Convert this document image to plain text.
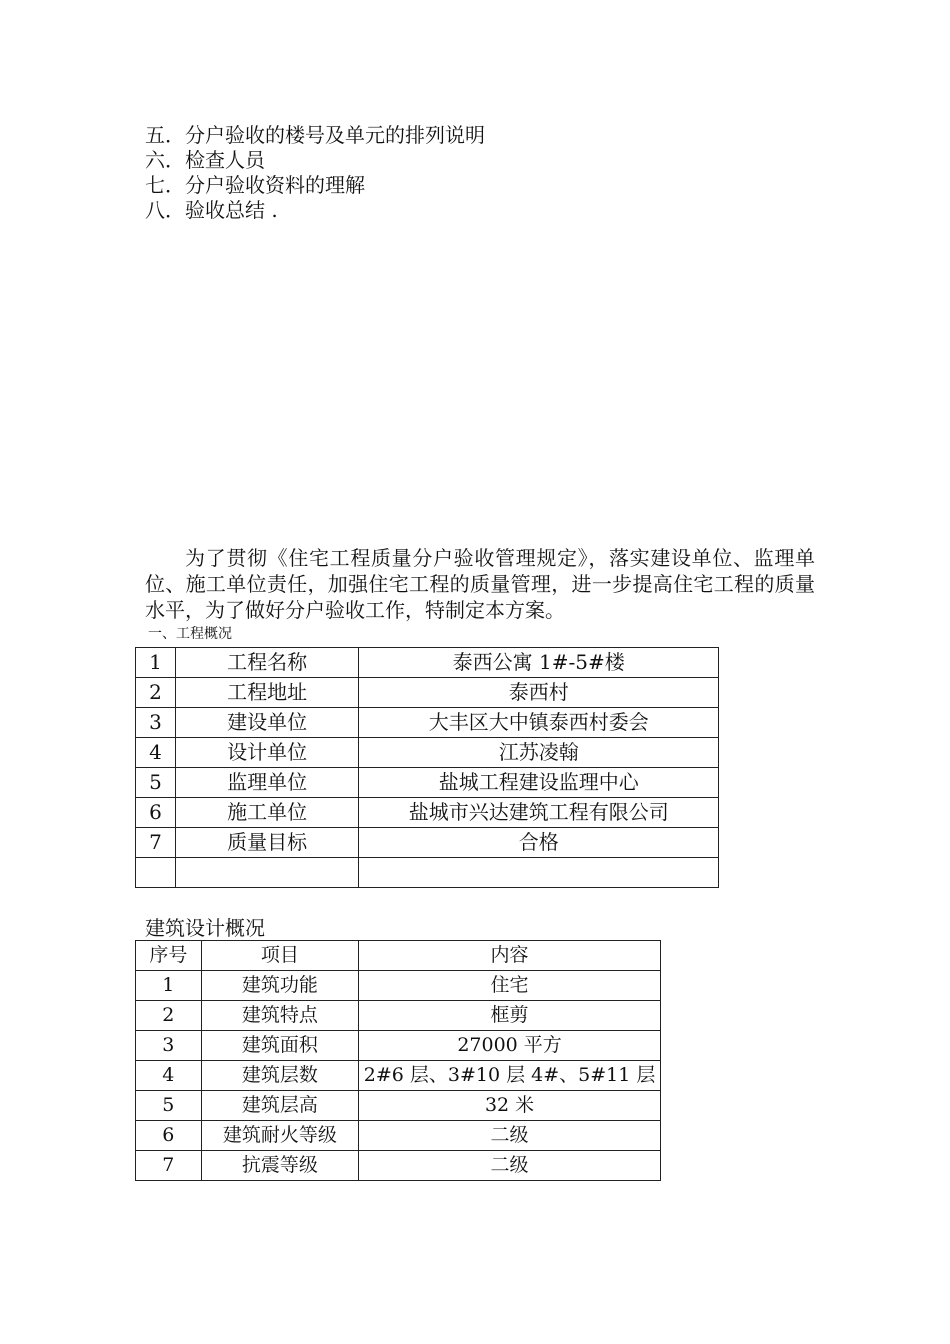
五．分户验收的楼号及单元的排列说明
六．检查人员
七．分户验收资料的理解
八．验收总结 .

为了贯彻《住宅工程质量分户验收管理规定》，落实建设单位、监理单位、施工单位责任，加强住宅工程的质量管理，进一步提高住宅工程的质量水平，为了做好分户验收工作，特制定本方案。

一、工程概况
1	工程名称	泰西公寓 1#-5#楼
2	工程地址	泰西村
3	建设单位	大丰区大中镇泰西村委会
4	设计单位	江苏凌翰
5	监理单位	盐城工程建设监理中心
6	施工单位	盐城市兴达建筑工程有限公司
7	质量目标	合格

建筑设计概况
序号	项目	内容
1	建筑功能	住宅
2	建筑特点	框剪
3	建筑面积	27000 平方
4	建筑层数	2#6 层、3#10 层 4#、5#11 层
5	建筑层高	32 米
6	建筑耐火等级	二级
7	抗震等级	二级
